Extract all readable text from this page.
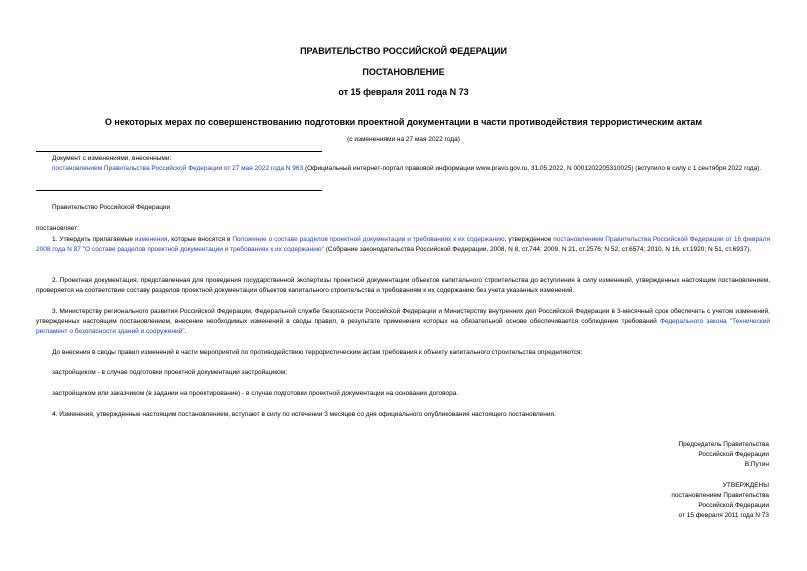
ПРАВИТЕЛЬСТВО РОССИЙСКОЙ ФЕДЕРАЦИИ
ПОСТАНОВЛЕНИЕ
от 15 февраля 2011 года N 73
О некоторых мерах по совершенствованию подготовки проектной документации в части противодействия террористическим актам
(с изменениями на 27 мая 2022 года)
Документ с изменениями, внесенными:
постановлением Правительства Российской Федерации от 27 мая 2022 года N 963 (Официальный интернет-портал правовой информации www.pravo.gov.ru, 31.05.2022, N 0001202205310025) (вступило в силу с 1 сентября 2022 года).
Правительство Российской Федерации
постановляет:
1. Утвердить прилагаемые изменения, которые вносятся в Положение о составе разделов проектной документации и требованиях к их содержанию, утвержденное постановлением Правительства Российской Федерации от 16 февраля 2008 года N 87 "О составе разделов проектной документации и требованиях к их содержанию" (Собрание законодательства Российской Федерации, 2008, N 8, ст.744; 2009, N 21, ст.2576; N 52, ст.6574; 2010, N 16, ст.1920; N 51, ст.6937).
2. Проектная документация, представленная для проведения государственной экспертизы проектной документации объектов капитального строительства до вступления в силу изменений, утвержденных настоящим постановлением, проверяется на соответствие составу разделов проектной документации объектов капитального строительства и требованиям к их содержанию без учета указанных изменений.
3. Министерству регионального развития Российской Федерации, Федеральной службе безопасности Российской Федерации и Министерству внутренних дел Российской Федерации в 3-месячный срок обеспечить с учетом изменений, утвержденных настоящим постановлением, внесение необходимых изменений в своды правил, в результате применения которых на обязательной основе обеспечивается соблюдение требований Федерального закона "Технический регламент о безопасности зданий и сооружений".
До внесения в своды правил изменений в части мероприятий по противодействию террористическим актам требования к объекту капитального строительства определяются:
застройщиком - в случае подготовки проектной документации застройщиком;
застройщиком или заказчиком (в задании на проектирование) - в случае подготовки проектной документации на основании договора.
4. Изменения, утвержденные настоящим постановлением, вступают в силу по истечении 3 месяцев со дня официального опубликования настоящего постановления.
Председатель Правительства
Российской Федерации
В.Путин
УТВЕРЖДЕНЫ
постановлением Правительства
Российской Федерации
от 15 февраля 2011 года N 73
